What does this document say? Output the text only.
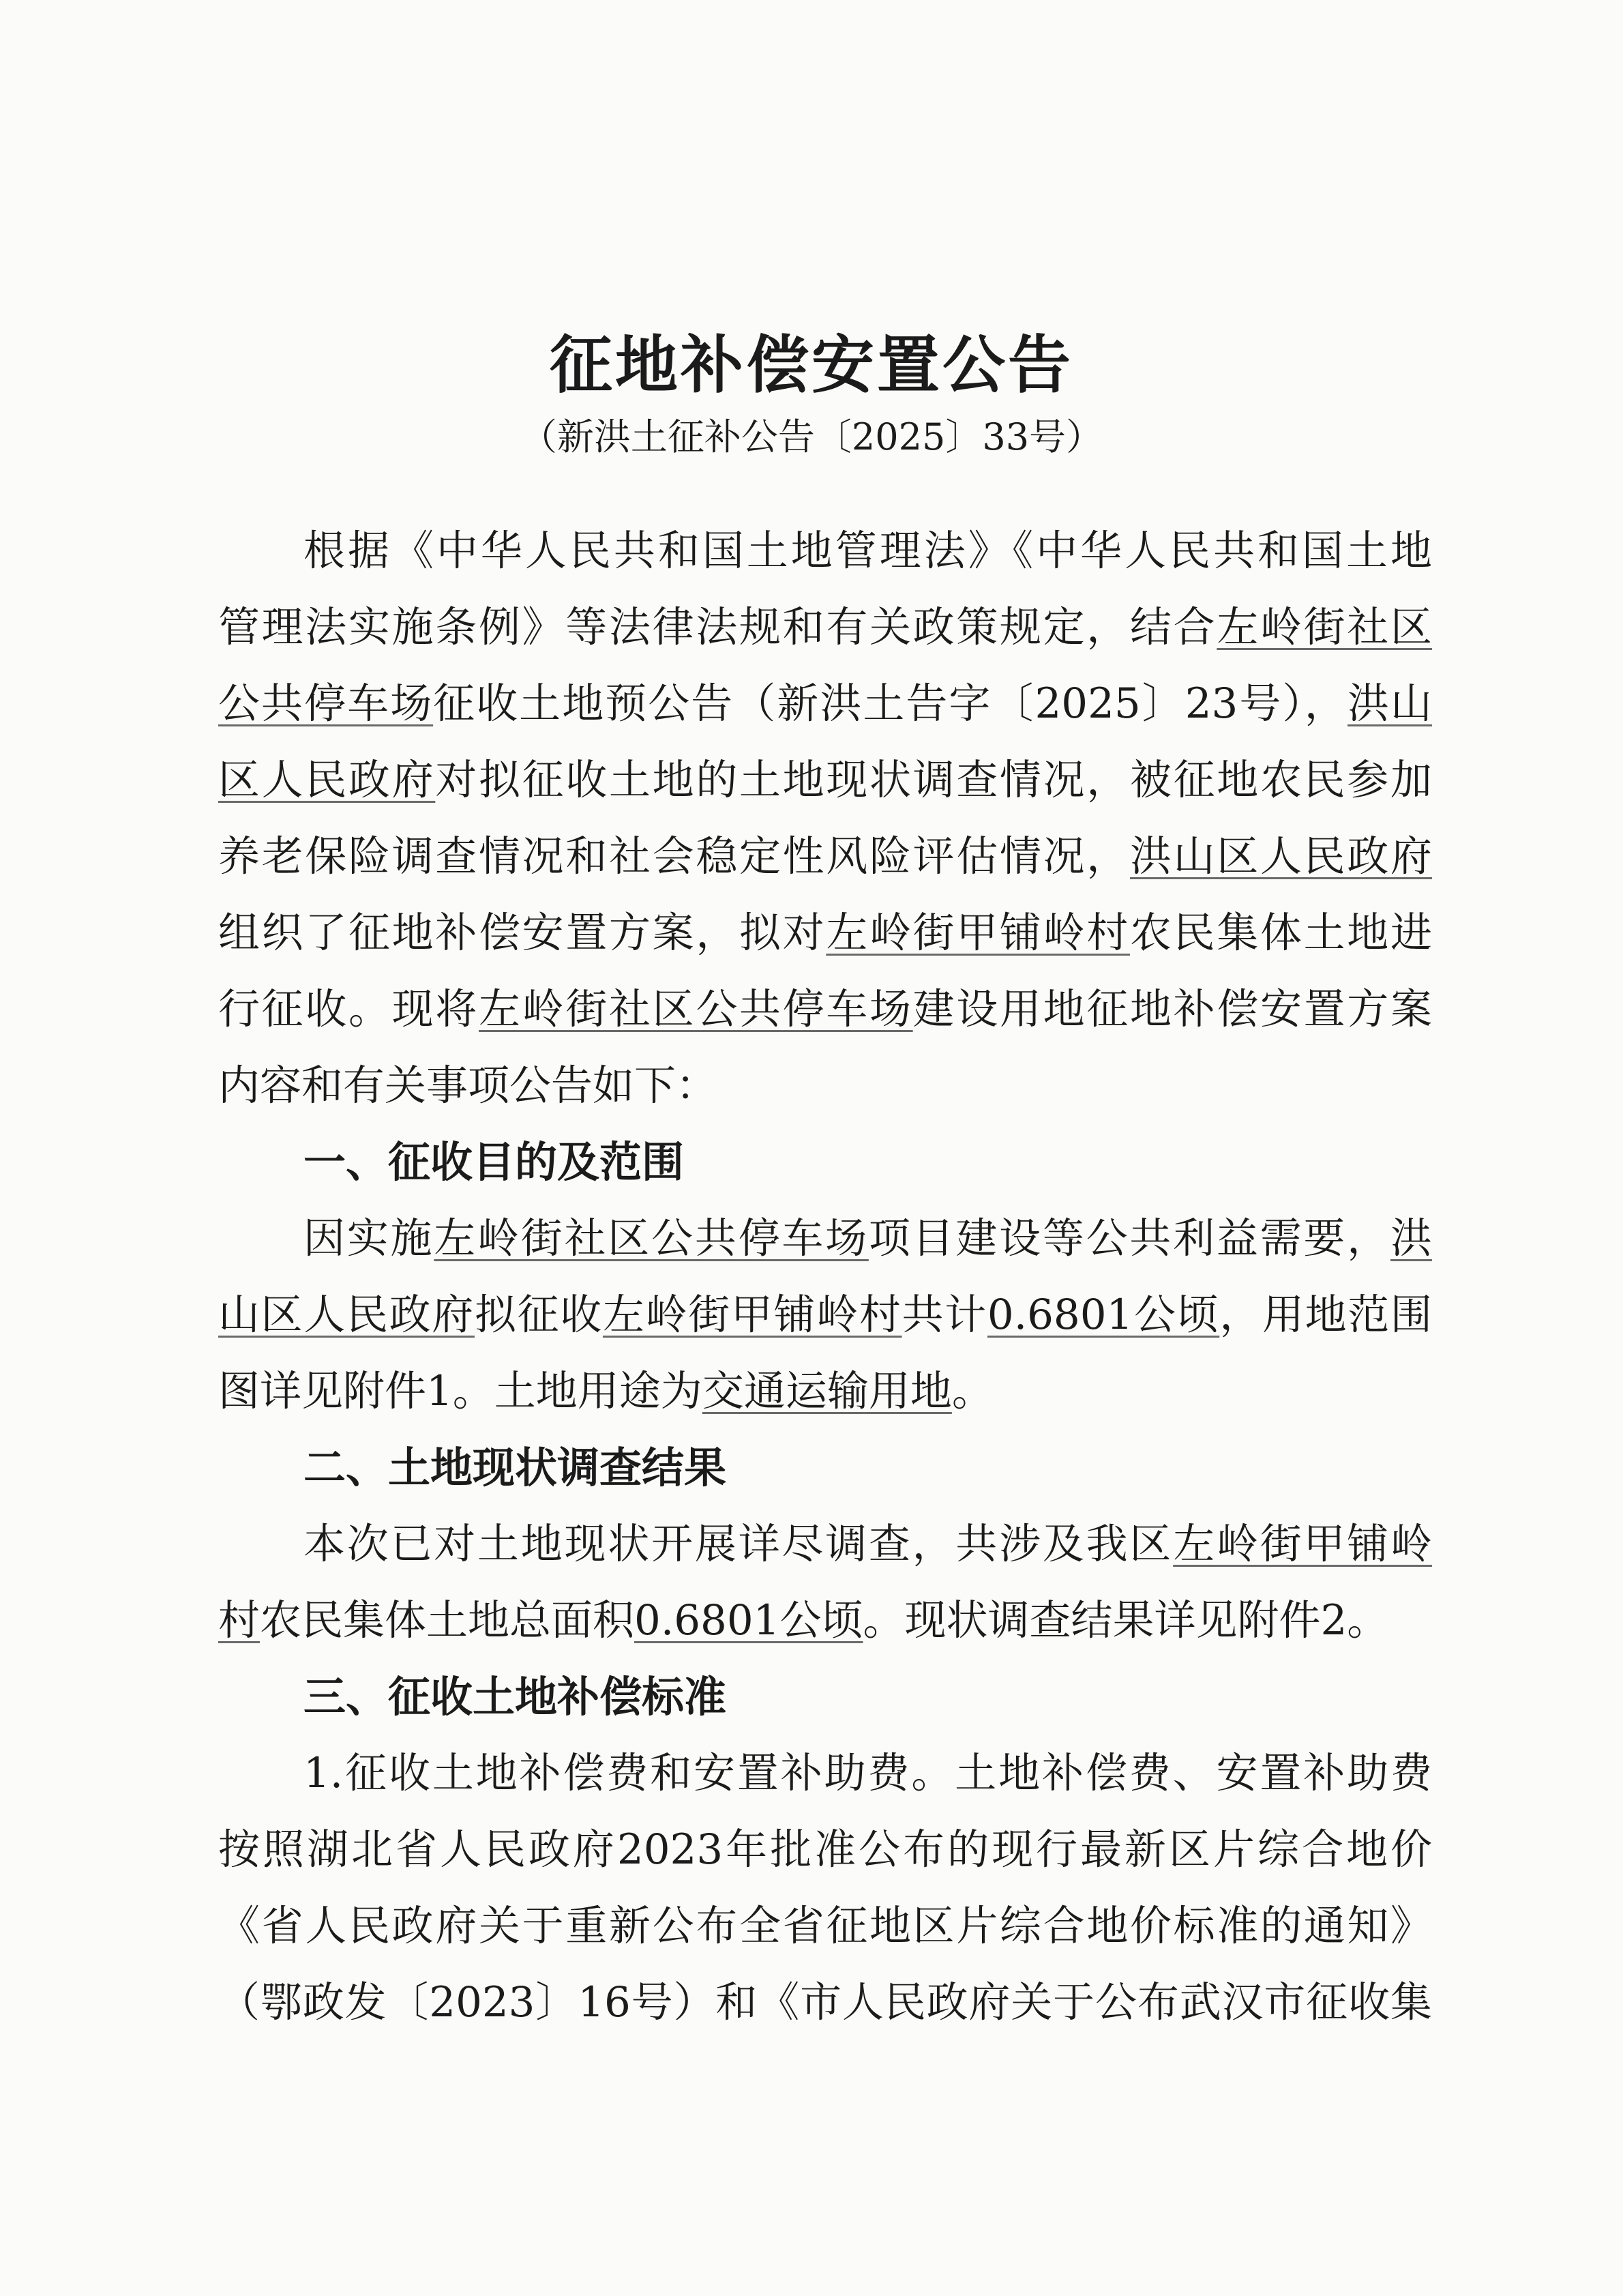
征地补偿安置公告

（新洪土征补公告〔2025〕33号）

根据《中华人民共和国土地管理法》《中华人民共和国土地
管理法实施条例》等法律法规和有关政策规定，结合左岭街社区
公共停车场征收土地预公告（新洪土告字〔2025〕23号），洪山
区人民政府对拟征收土地的土地现状调查情况，被征地农民参加
养老保险调查情况和社会稳定性风险评估情况，洪山区人民政府
组织了征地补偿安置方案，拟对左岭街甲铺岭村农民集体土地进
行征收。现将左岭街社区公共停车场建设用地征地补偿安置方案
内容和有关事项公告如下：
一、征收目的及范围
因实施左岭街社区公共停车场项目建设等公共利益需要，洪
山区人民政府拟征收左岭街甲铺岭村共计0.6801公顷，用地范围
图详见附件1。土地用途为交通运输用地。
二、土地现状调查结果
本次已对土地现状开展详尽调查，共涉及我区左岭街甲铺岭
村农民集体土地总面积0.6801公顷。现状调查结果详见附件2。
三、征收土地补偿标准
1.征收土地补偿费和安置补助费。土地补偿费、安置补助费
按照湖北省人民政府2023年批准公布的现行最新区片综合地价
《省人民政府关于重新公布全省征地区片综合地价标准的通知》
（鄂政发〔2023〕16号）和《市人民政府关于公布武汉市征收集
